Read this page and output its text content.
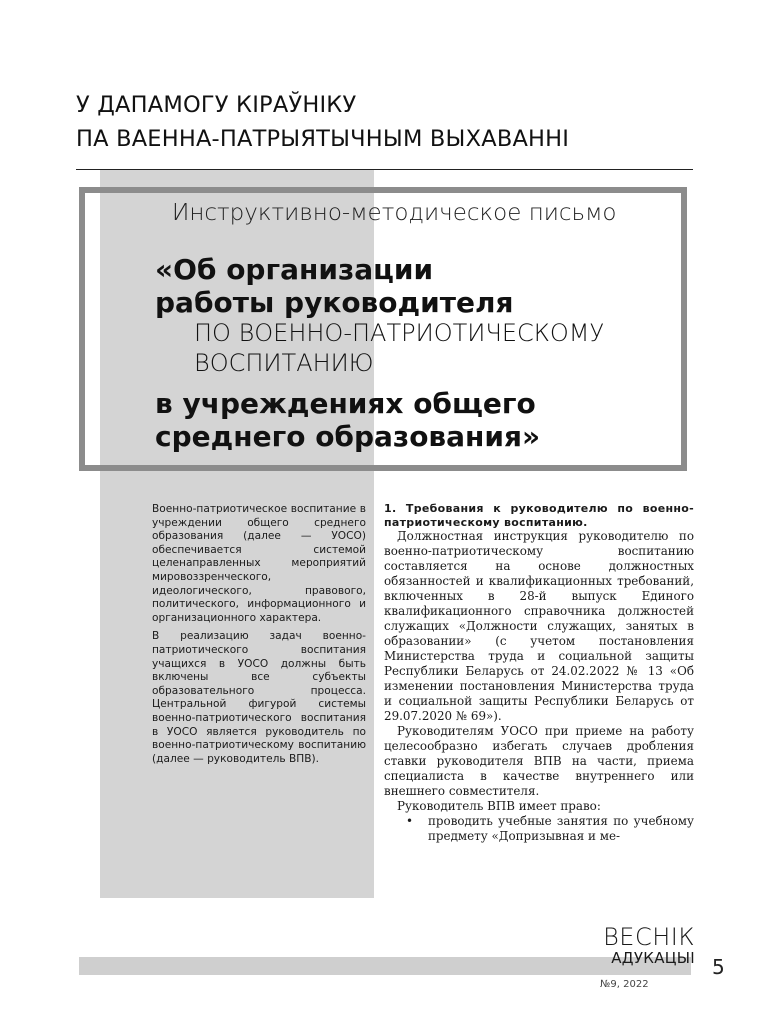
У ДАПАМОГУ КІРАЎНІКУ
ПА ВАЕННА-ПАТРЫЯТЫЧНЫМ ВЫХАВАННІ
Инструктивно-методическое письмо
«Об организации
работы руководителя
ПО ВОЕННО-ПАТРИОТИЧЕСКОМУ
ВОСПИТАНИЮ
в учреждениях общего
среднего образования»

Военно-патриотическое воспитание в учреждении общего среднего образования (далее — УОСО) обеспечивается системой целенаправленных мероприятий мировоззренческого, идеологического, правового, политического, информационного и организационного характера.

В реализацию задач военно-патриотического воспитания учащихся в УОСО должны быть включены все субъекты образовательного процесса. Центральной фигурой системы военно-патриотического воспитания в УОСО является руководитель по военно-патриотическому воспитанию (далее — руководитель ВПВ).

1. Требования к руководителю по военно-патриотическому воспитанию.

Должностная инструкция руководителю по военно-патриотическому воспитанию составляется на основе должностных обязанностей и квалификационных требований, включенных в 28-й выпуск Единого квалификационного справочника должностей служащих «Должности служащих, занятых в образовании» (с учетом постановления Министерства труда и социальной защиты Республики Беларусь от 24.02.2022 № 13 «Об изменении постановления Министерства труда и социальной защиты Республики Беларусь от 29.07.2020 № 69»).

Руководителям УОСО при приеме на работу целесообразно избегать случаев дробления ставки руководителя ВПВ на части, приема специалиста в качестве внутреннего или внешнего совместителя.

Руководитель ВПВ имеет право:

• проводить учебные занятия по учебному предмету «Допризывная и ме-
ВЕСНІК
АДУКАЦЫІ 5
№9, 2022
